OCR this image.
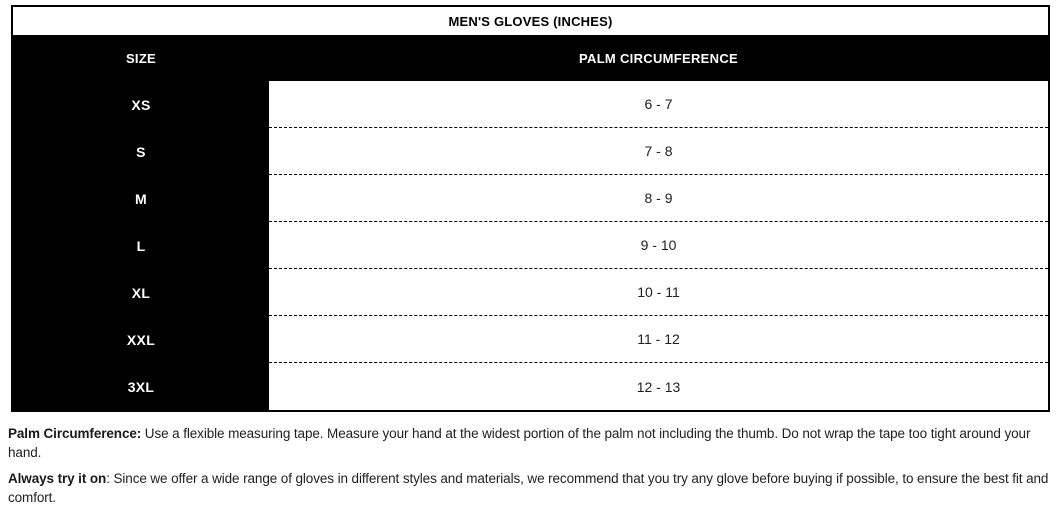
MEN'S GLOVES (INCHES)
SIZE	PALM CIRCUMFERENCE
XS	6 - 7
S	7 - 8
M	8 - 9
L	9 - 10
XL	10 - 11
XXL	11 - 12
3XL	12 - 13

Palm Circumference: Use a flexible measuring tape. Measure your hand at the widest portion of the palm not including the thumb. Do not wrap the tape too tight around your hand.

Always try it on: Since we offer a wide range of gloves in different styles and materials, we recommend that you try any glove before buying if possible, to ensure the best fit and comfort.
